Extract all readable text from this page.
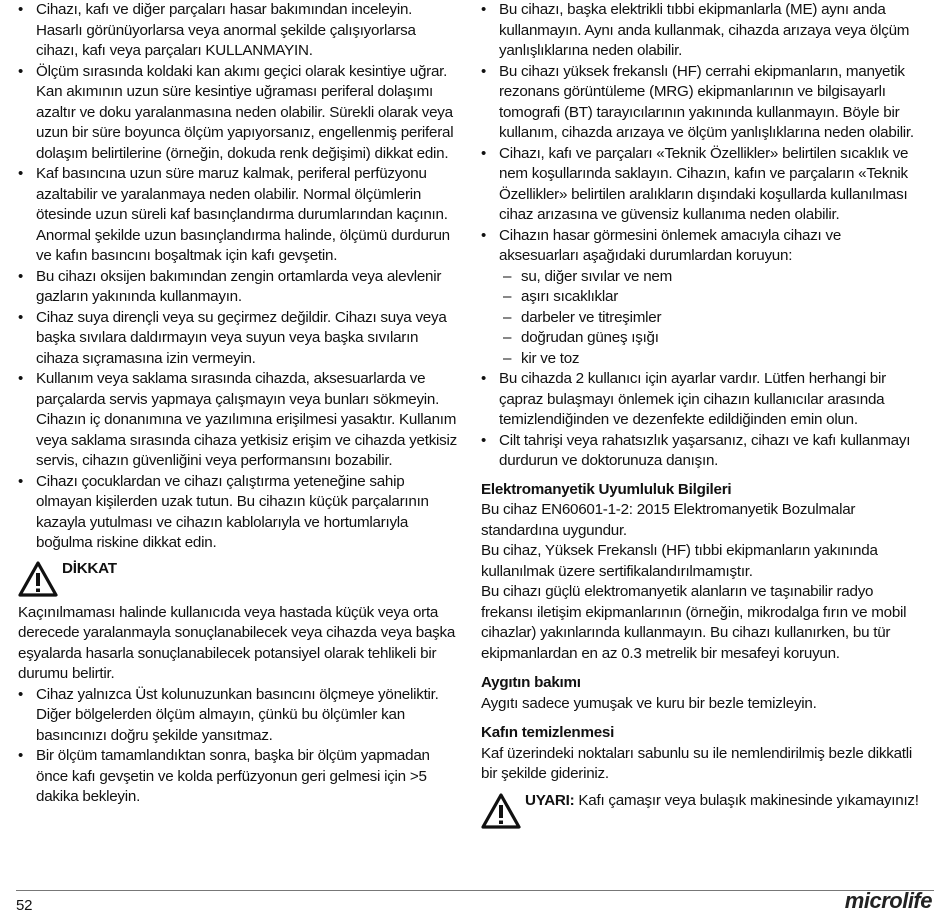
• Cihazı, kafı ve diğer parçaları hasar bakımından inceleyin. Hasarlı görünüyorlarsa veya anormal şekilde çalışıyorlarsa cihazı, kafı veya parçaları KULLANMAYIN.
• Ölçüm sırasında koldaki kan akımı geçici olarak kesintiye uğrar. Kan akımının uzun süre kesintiye uğraması periferal dolaşımı azaltır ve doku yaralanmasına neden olabilir. Sürekli olarak veya uzun bir süre boyunca ölçüm yapıyorsanız, engellenmiş periferal dolaşım belirtilerine (örneğin, dokuda renk değişimi) dikkat edin.
• Kaf basıncına uzun süre maruz kalmak, periferal perfüzyonu azaltabilir ve yaralanmaya neden olabilir. Normal ölçümlerin ötesinde uzun süreli kaf basınçlandırma durumlarından kaçının. Anormal şekilde uzun basınçlandırma halinde, ölçümü durdurun ve kafın basıncını boşaltmak için kafı gevşetin.
• Bu cihazı oksijen bakımından zengin ortamlarda veya alevlenir gazların yakınında kullanmayın.
• Cihaz suya dirençli veya su geçirmez değildir. Cihazı suya veya başka sıvılara daldırmayın veya suyun veya başka sıvıların cihaza sıçramasına izin vermeyin.
• Kullanım veya saklama sırasında cihazda, aksesuarlarda ve parçalarda servis yapmaya çalışmayın veya bunları sökmeyin. Cihazın iç donanımına ve yazılımına erişilmesi yasaktır. Kullanım veya saklama sırasında cihaza yetkisiz erişim ve cihazda yetkisiz servis, cihazın güvenliğini veya performansını bozabilir.
• Cihazı çocuklardan ve cihazı çalıştırma yeteneğine sahip olmayan kişilerden uzak tutun. Bu cihazın küçük parçalarının kazayla yutulması ve cihazın kablolarıyla ve hortumlarıyla boğulma riskine dikkat edin.
DİKKAT

Kaçınılmaması halinde kullanıcıda veya hastada küçük veya orta derecede yaralanmayla sonuçlanabilecek veya cihazda veya başka eşyalarda hasarla sonuçlanabilecek potansiyel olarak tehlikeli bir durumu belirtir.

• Cihaz yalnızca Üst kolunuzunkan basıncını ölçmeye yöneliktir. Diğer bölgelerden ölçüm almayın, çünkü bu ölçümler kan basıncınızı doğru şekilde yansıtmaz.
• Bir ölçüm tamamlandıktan sonra, başka bir ölçüm yapmadan önce kafı gevşetin ve kolda perfüzyonun geri gelmesi için >5 dakika bekleyin.
• Bu cihazı, başka elektrikli tıbbi ekipmanlarla (ME) aynı anda kullanmayın. Aynı anda kullanmak, cihazda arızaya veya ölçüm yanlışlıklarına neden olabilir.
• Bu cihazı yüksek frekanslı (HF) cerrahi ekipmanların, manyetik rezonans görüntüleme (MRG) ekipmanlarının ve bilgisayarlı tomografi (BT) tarayıcılarının yakınında kullanmayın. Böyle bir kullanım, cihazda arızaya ve ölçüm yanlışlıklarına neden olabilir.
• Cihazı, kafı ve parçaları «Teknik Özellikler» belirtilen sıcaklık ve nem koşullarında saklayın. Cihazın, kafın ve parçaların «Teknik Özellikler» belirtilen aralıkların dışındaki koşullarda kullanılması cihaz arızasına ve güvensiz kullanıma neden olabilir.
• Cihazın hasar görmesini önlemek amacıyla cihazı ve aksesuarları aşağıdaki durumlardan koruyun:
– su, diğer sıvılar ve nem
– aşırı sıcaklıklar
– darbeler ve titreşimler
– doğrudan güneş ışığı
– kir ve toz
• Bu cihazda 2 kullanıcı için ayarlar vardır. Lütfen herhangi bir çapraz bulaşmayı önlemek için cihazın kullanıcılar arasında temizlendiğinden ve dezenfekte edildiğinden emin olun.
• Cilt tahrişi veya rahatsızlık yaşarsanız, cihazı ve kafı kullanmayı durdurun ve doktorunuza danışın.
Elektromanyetik Uyumluluk Bilgileri

Bu cihaz EN60601-1-2: 2015 Elektromanyetik Bozulmalar standardına uygundur.

Bu cihaz, Yüksek Frekanslı (HF) tıbbi ekipmanların yakınında kullanılmak üzere sertifikalandırılmamıştır.

Bu cihazı güçlü elektromanyetik alanların ve taşınabilir radyo frekansı iletişim ekipmanlarının (örneğin, mikrodalga fırın ve mobil cihazlar) yakınlarında kullanmayın. Bu cihazı kullanırken, bu tür ekipmanlardan en az 0.3 metrelik bir mesafeyi koruyun.

Aygıtın bakımı

Aygıtı sadece yumuşak ve kuru bir bezle temizleyin.

Kafın temizlenmesi

Kaf üzerindeki noktaları sabunlu su ile nemlendirilmiş bezle dikkatli bir şekilde gideriniz.

UYARI: Kafı çamaşır veya bulaşık makinesinde yıkamayınız!
52	microlife
